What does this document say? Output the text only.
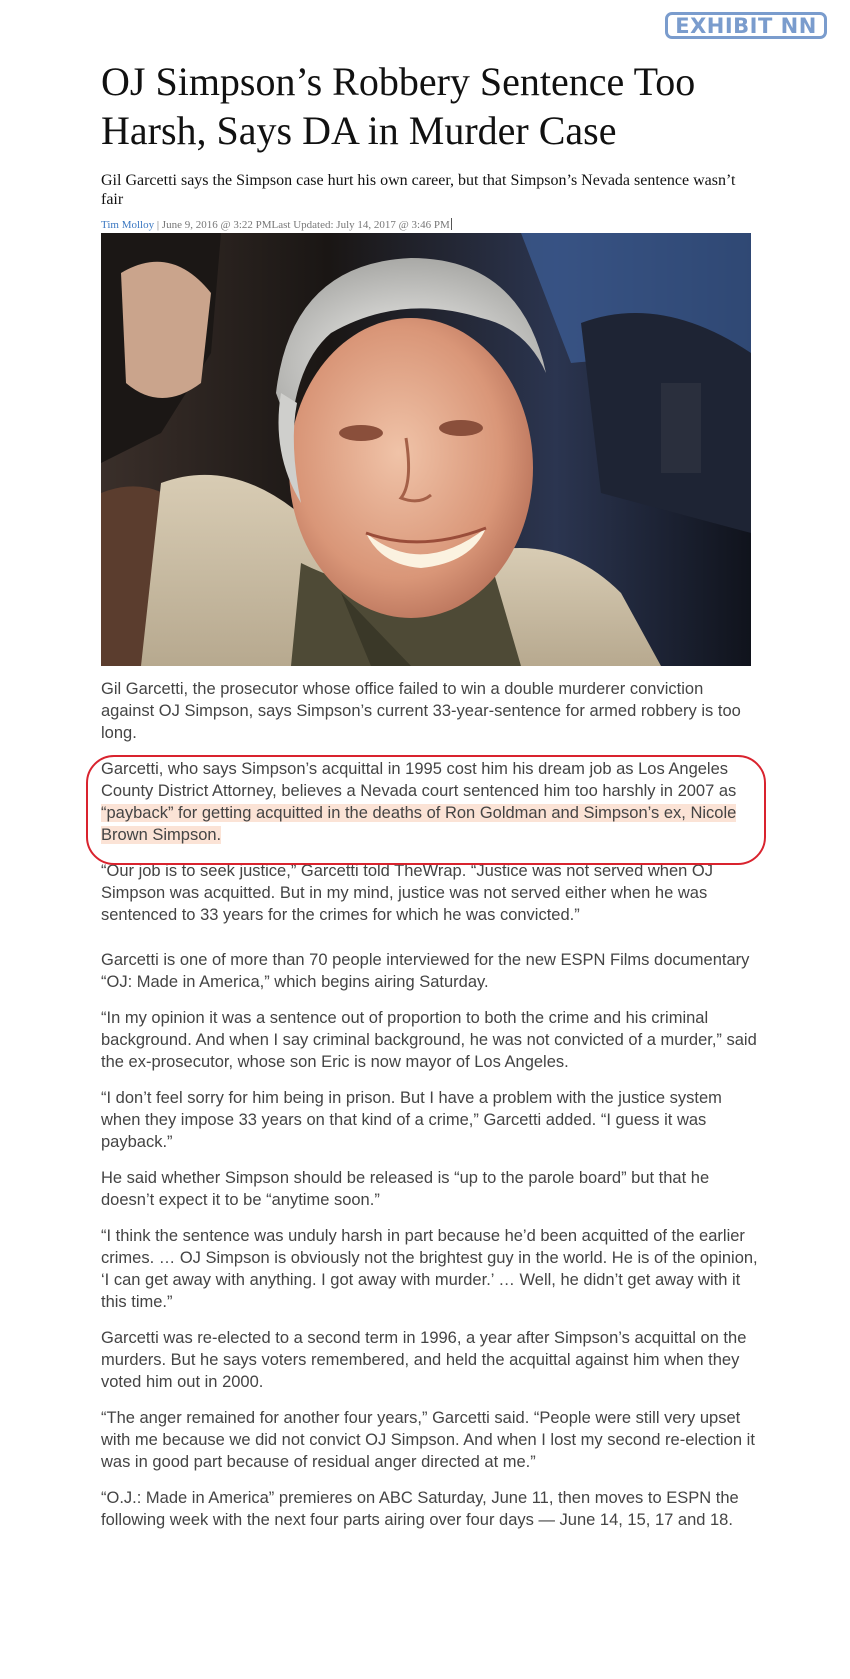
EXHIBIT NN
OJ Simpson’s Robbery Sentence Too Harsh, Says DA in Murder Case
Gil Garcetti says the Simpson case hurt his own career, but that Simpson’s Nevada sentence wasn’t fair
Tim Molloy | June 9, 2016 @ 3:22 PMLast Updated: July 14, 2017 @ 3:46 PM

Gil Garcetti, the prosecutor whose office failed to win a double murderer conviction against OJ Simpson, says Simpson’s current 33-year-sentence for armed robbery is too long.

Garcetti, who says Simpson’s acquittal in 1995 cost him his dream job as Los Angeles County District Attorney, believes a Nevada court sentenced him too harshly in 2007 as “payback” for getting acquitted in the deaths of Ron Goldman and Simpson’s ex, Nicole Brown Simpson.

“Our job is to seek justice,” Garcetti told TheWrap. “Justice was not served when OJ Simpson was acquitted. But in my mind, justice was not served either when he was sentenced to 33 years for the crimes for which he was convicted.”

Garcetti is one of more than 70 people interviewed for the new ESPN Films documentary “OJ: Made in America,” which begins airing Saturday.

“In my opinion it was a sentence out of proportion to both the crime and his criminal background. And when I say criminal background, he was not convicted of a murder,” said the ex-prosecutor, whose son Eric is now mayor of Los Angeles.

“I don’t feel sorry for him being in prison. But I have a problem with the justice system when they impose 33 years on that kind of a crime,” Garcetti added. “I guess it was payback.”

He said whether Simpson should be released is “up to the parole board” but that he doesn’t expect it to be “anytime soon.”

“I think the sentence was unduly harsh in part because he’d been acquitted of the earlier crimes. … OJ Simpson is obviously not the brightest guy in the world. He is of the opinion, ‘I can get away with anything. I got away with murder.’ … Well, he didn’t get away with it this time.”

Garcetti was re-elected to a second term in 1996, a year after Simpson’s acquittal on the murders. But he says voters remembered, and held the acquittal against him when they voted him out in 2000.

“The anger remained for another four years,” Garcetti said. “People were still very upset with me because we did not convict OJ Simpson. And when I lost my second re-election it was in good part because of residual anger directed at me.”

“O.J.: Made in America” premieres on ABC Saturday, June 11, then moves to ESPN the following week with the next four parts airing over four days — June 14, 15, 17 and 18.
